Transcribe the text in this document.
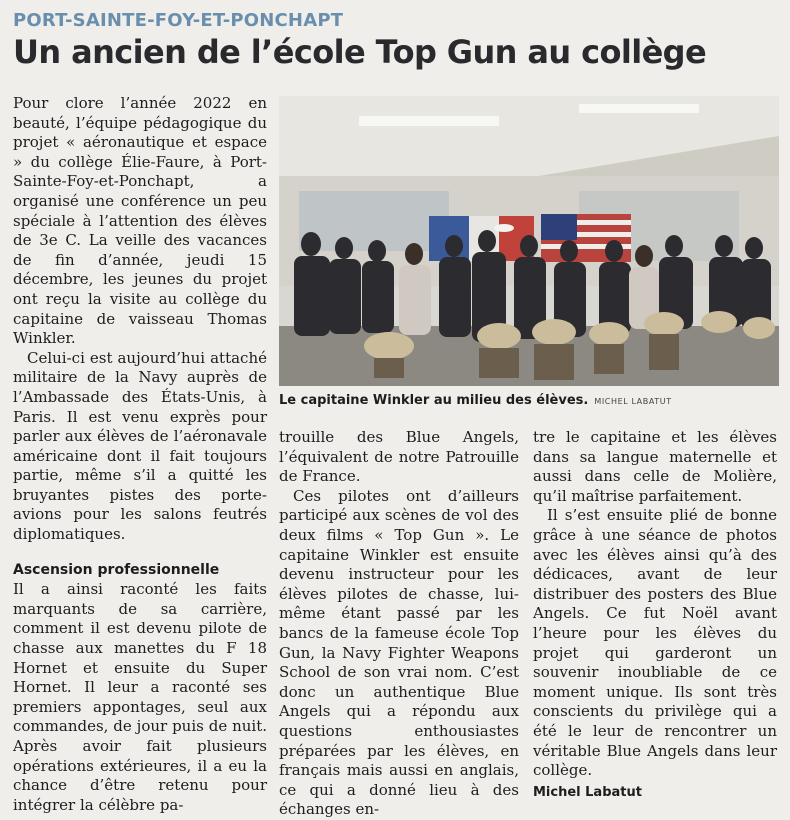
PORT-SAINTE-FOY-ET-PONCHAPT
Un ancien de l’école Top Gun au collège

Pour clore l’année 2022 en beauté, l’équipe pédagogique du projet « aéronautique et espace » du collège Élie-Faure, à Port-Sainte-Foy-et-Ponchapt, a organisé une conférence un peu spéciale à l’attention des élèves de 3e C. La veille des vacances de fin d’année, jeudi 15 décembre, les jeunes du projet ont reçu la visite au collège du capitaine de vaisseau Thomas Winkler.

Celui-ci est aujourd’hui attaché militaire de la Navy auprès de l’Ambassade des États-Unis, à Paris. Il est venu exprès pour parler aux élèves de l’aéronavale américaine dont il fait toujours partie, même s’il a quitté les bruyantes pistes des porte-avions pour les salons feutrés diplomatiques.

Ascension professionnelle

Il a ainsi raconté les faits marquants de sa carrière, comment il est devenu pilote de chasse aux manettes du F 18 Hornet et ensuite du Super Hornet. Il leur a raconté ses premiers appontages, seul aux commandes, de jour puis de nuit. Après avoir fait plusieurs opérations extérieures, il a eu la chance d’être retenu pour intégrer la célèbre pa-

Le capitaine Winkler au milieu des élèves. MICHEL LABATUT

trouille des Blue Angels, l’équivalent de notre Patrouille de France.

Ces pilotes ont d’ailleurs participé aux scènes de vol des deux films « Top Gun ». Le capitaine Winkler est ensuite devenu instructeur pour les élèves pilotes de chasse, lui-même étant passé par les bancs de la fameuse école Top Gun, la Navy Fighter Weapons School de son vrai nom. C’est donc un authentique Blue Angels qui a répondu aux questions enthousiastes préparées par les élèves, en français mais aussi en anglais, ce qui a donné lieu à des échanges en-

tre le capitaine et les élèves dans sa langue maternelle et aussi dans celle de Molière, qu’il maîtrise parfaitement.

Il s’est ensuite plié de bonne grâce à une séance de photos avec les élèves ainsi qu’à des dédicaces, avant de leur distribuer des posters des Blue Angels. Ce fut Noël avant l’heure pour les élèves du projet qui garderont un souvenir inoubliable de ce moment unique. Ils sont très conscients du privilège qui a été le leur de rencontrer un véritable Blue Angels dans leur collège.

Michel Labatut
